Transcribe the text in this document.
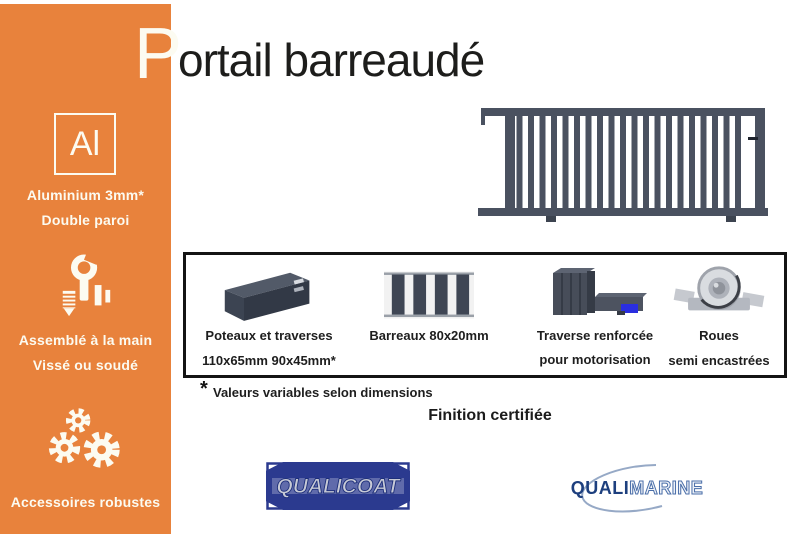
Al
Aluminium 3mm*
Double paroi
Assemblé à la main
Vissé ou soudé
Accessoires robustes
P
ortail barreaudé
Poteaux et traverses
110x65mm 90x45mm*
Barreaux 80x20mm	Traverse renforcée
pour motorisation
Roues
semi encastrées
* Valeurs variables selon dimensions
Finition certifiée
QUALICOAT	QUALIMARINE
